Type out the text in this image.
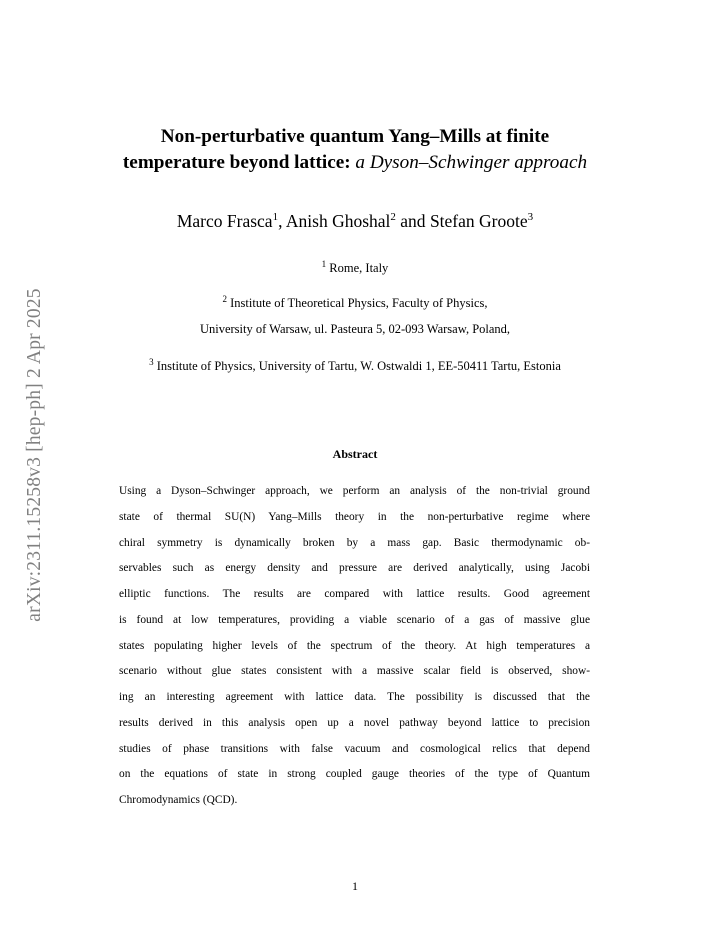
arXiv:2311.15258v3 [hep-ph] 2 Apr 2025
Non-perturbative quantum Yang–Mills at finite
temperature beyond lattice: a Dyson–Schwinger approach
Marco Frasca$^1$, Anish Ghoshal$^2$ and Stefan Groote$^3$
$^1$ Rome, Italy
$^2$ Institute of Theoretical Physics, Faculty of Physics,
University of Warsaw, ul. Pasteura 5, 02-093 Warsaw, Poland,
$^3$ Institute of Physics, University of Tartu, W. Ostwaldi 1, EE-50411 Tartu, Estonia
Abstract
Using a Dyson–Schwinger approach, we perform an analysis of the non-trivial ground
state of thermal SU(N) Yang–Mills theory in the non-perturbative regime where
chiral symmetry is dynamically broken by a mass gap. Basic thermodynamic ob-
servables such as energy density and pressure are derived analytically, using Jacobi
elliptic functions. The results are compared with lattice results. Good agreement
is found at low temperatures, providing a viable scenario of a gas of massive glue
states populating higher levels of the spectrum of the theory. At high temperatures a
scenario without glue states consistent with a massive scalar field is observed, show-
ing an interesting agreement with lattice data. The possibility is discussed that the
results derived in this analysis open up a novel pathway beyond lattice to precision
studies of phase transitions with false vacuum and cosmological relics that depend
on the equations of state in strong coupled gauge theories of the type of Quantum
Chromodynamics (QCD).
1
